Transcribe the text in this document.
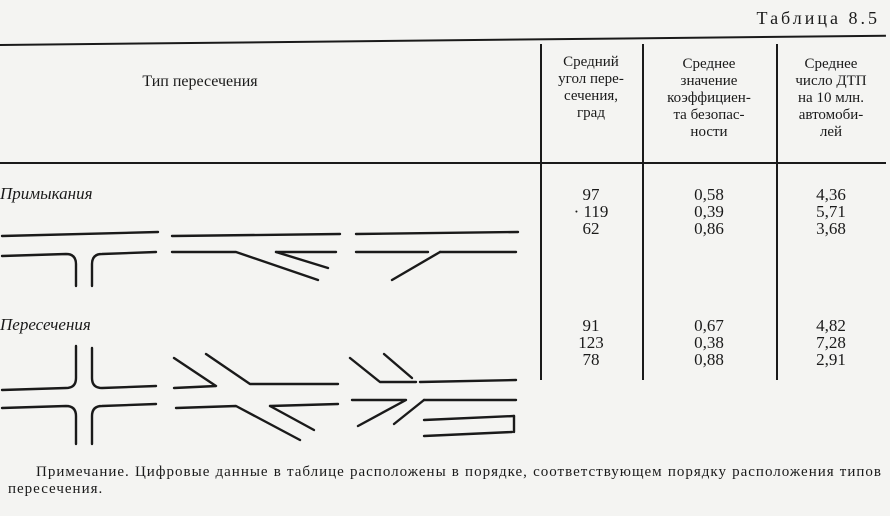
Таблица 8.5
Тип пересечения
Средний
угол пере-
сечения,
град
Среднее
значение
коэффициен-
та безопас-
ности
Среднее
число ДТП
на 10 млн.
автомоби-
лей
Примыкания	97
· 119
62
0,58
0,39
0,86
4,36
5,71
3,68
Пересечения	91
123
78
0,67
0,38
0,88
4,82
7,28
2,91
Примечание. Цифровые данные в таблице расположены в порядке, соответствующем порядку расположения типов пересечения.
